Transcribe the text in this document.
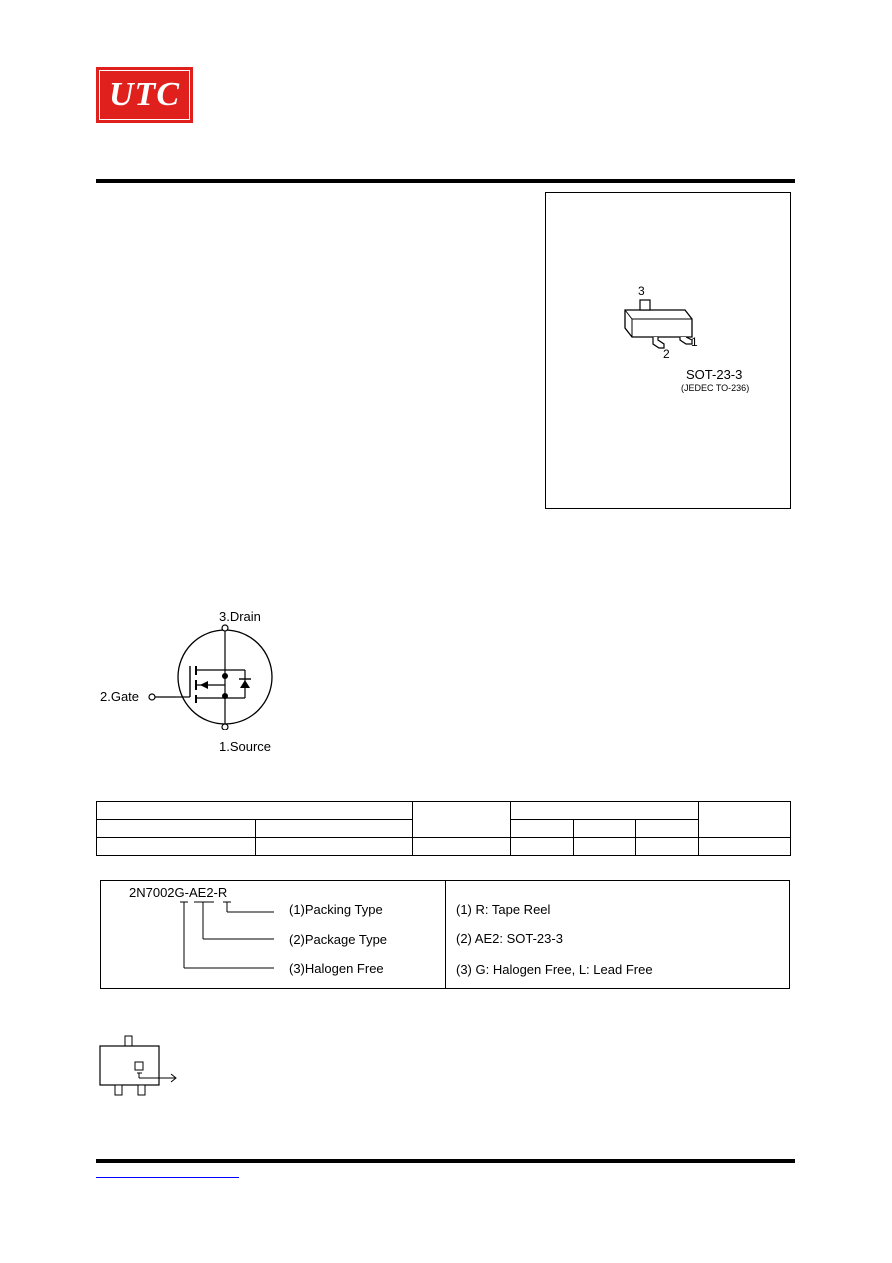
UTC
3
2
1
SOT-23-3
(JEDEC TO-236)
3.Drain
2.Gate
1.Source

2N7002G-AE2-R
(1)Packing Type
(2)Package Type
(3)Halogen Free
(1) R: Tape Reel
(2) AE2: SOT-23-3
(3) G: Halogen Free, L: Lead Free
